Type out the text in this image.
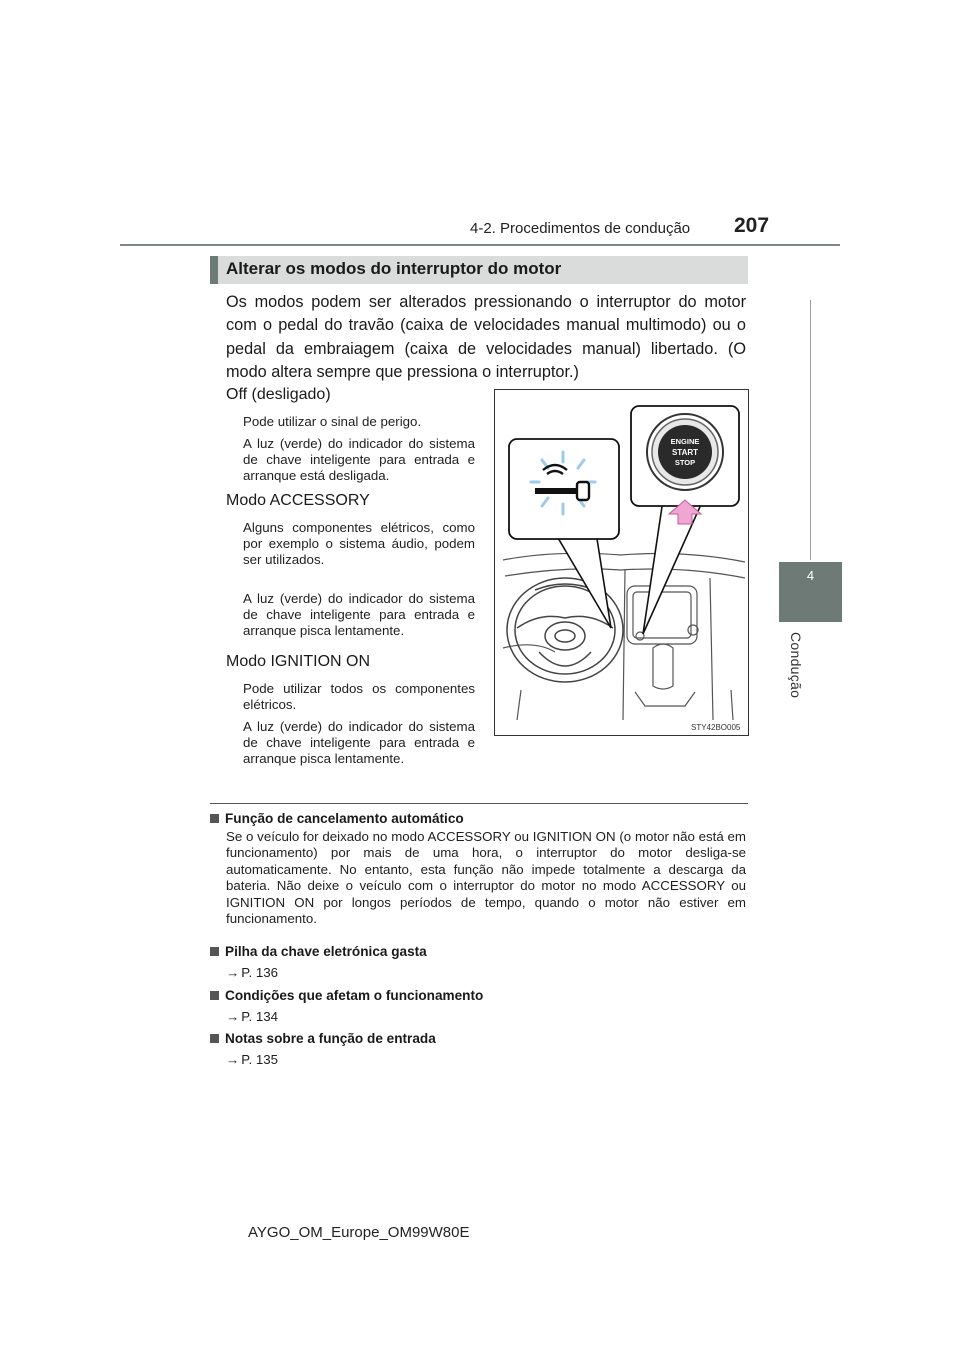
4-2. Procedimentos de condução 207
4
Condução
Alterar os modos do interruptor do motor
Os modos podem ser alterados pressionando o interruptor do motor com o pedal do travão (caixa de velocidades manual multimodo) ou o pedal da embraiagem (caixa de velocidades manual) libertado. (O modo altera sempre que pressiona o interruptor.)
Off (desligado)
Pode utilizar o sinal de perigo.
A luz (verde) do indicador do sistema de chave inteligente para entrada e arranque está desligada.
Modo ACCESSORY
Alguns componentes elétricos, como por exemplo o sistema áudio, podem ser utilizados.
A luz (verde) do indicador do sistema de chave inteligente para entrada e arranque pisca lentamente.
Modo IGNITION ON
Pode utilizar todos os componentes elétricos.
A luz (verde) do indicador do sistema de chave inteligente para entrada e arranque pisca lentamente.
ENGINE
START
STOP
STY42BO005
Função de cancelamento automático
Se o veículo for deixado no modo ACCESSORY ou IGNITION ON (o motor não está em funcionamento) por mais de uma hora, o interruptor do motor desliga-se automaticamente. No entanto, esta função não impede totalmente a descarga da bateria. Não deixe o veículo com o interruptor do motor no modo ACCESSORY ou IGNITION ON por longos períodos de tempo, quando o motor não estiver em funcionamento.
Pilha da chave eletrónica gasta
→ P. 136
Condições que afetam o funcionamento
→ P. 134
Notas sobre a função de entrada
→ P. 135
AYGO_OM_Europe_OM99W80E
